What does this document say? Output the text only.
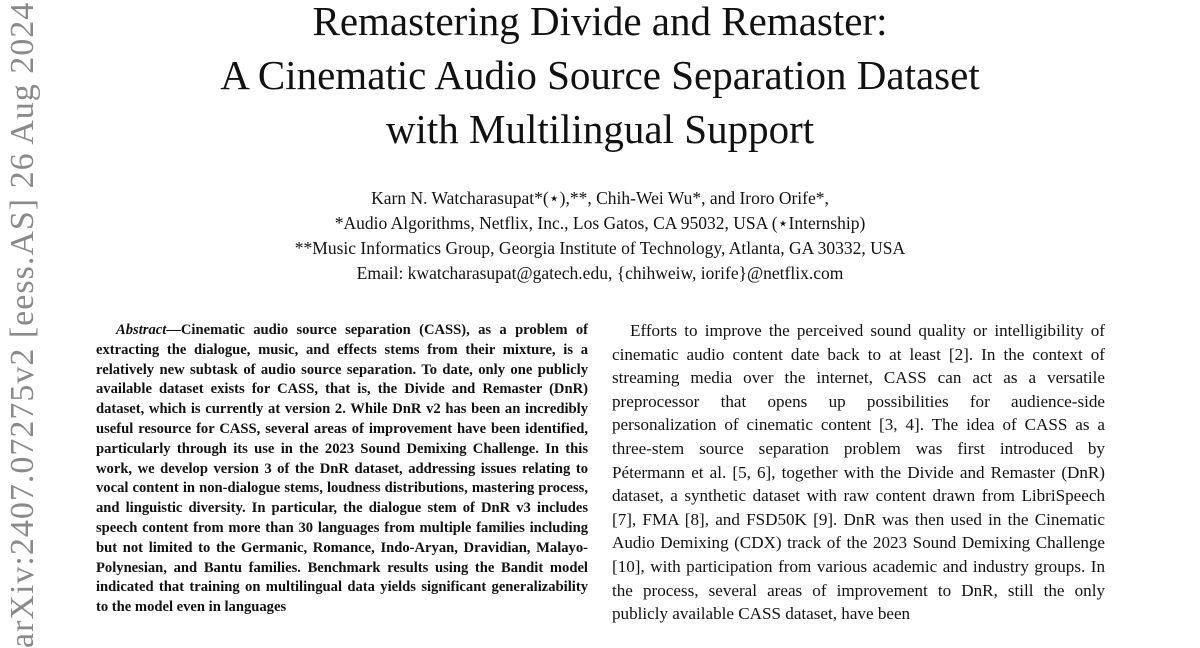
arXiv:2407.07275v2 [eess.AS] 26 Aug 2024	Remastering Divide and Remaster:
A Cinematic Audio Source Separation Dataset
with Multilingual Support
Karn N. Watcharasupat*(⋆),**, Chih-Wei Wu*, and Iroro Orife*,
*Audio Algorithms, Netflix, Inc., Los Gatos, CA 95032, USA (⋆Internship)
**Music Informatics Group, Georgia Institute of Technology, Atlanta, GA 30332, USA
Email: kwatcharasupat@gatech.edu, {chihweiw, iorife}@netflix.com

Abstract—Cinematic audio source separation (CASS), as a problem of extracting the dialogue, music, and effects stems from their mixture, is a relatively new subtask of audio source separation. To date, only one publicly available dataset exists for CASS, that is, the Divide and Remaster (DnR) dataset, which is currently at version 2. While DnR v2 has been an incredibly useful resource for CASS, several areas of improvement have been identified, particularly through its use in the 2023 Sound Demixing Challenge. In this work, we develop version 3 of the DnR dataset, addressing issues relating to vocal content in non-dialogue stems, loudness distributions, mastering process, and linguistic diversity. In particular, the dialogue stem of DnR v3 includes speech content from more than 30 languages from multiple families including but not limited to the Germanic, Romance, Indo-Aryan, Dravidian, Malayo-Polynesian, and Bantu families. Benchmark results using the Bandit model indicated that training on multilingual data yields significant generalizability to the model even in languages

Efforts to improve the perceived sound quality or intelligibility of cinematic audio content date back to at least [2]. In the context of streaming media over the internet, CASS can act as a versatile preprocessor that opens up possibilities for audience-side personalization of cinematic content [3, 4]. The idea of CASS as a three-stem source separation problem was first introduced by Pétermann et al. [5, 6], together with the Divide and Remaster (DnR) dataset, a synthetic dataset with raw content drawn from LibriSpeech [7], FMA [8], and FSD50K [9]. DnR was then used in the Cinematic Audio Demixing (CDX) track of the 2023 Sound Demixing Challenge [10], with participation from various academic and industry groups. In the process, several areas of improvement to DnR, still the only publicly available CASS dataset, have been
